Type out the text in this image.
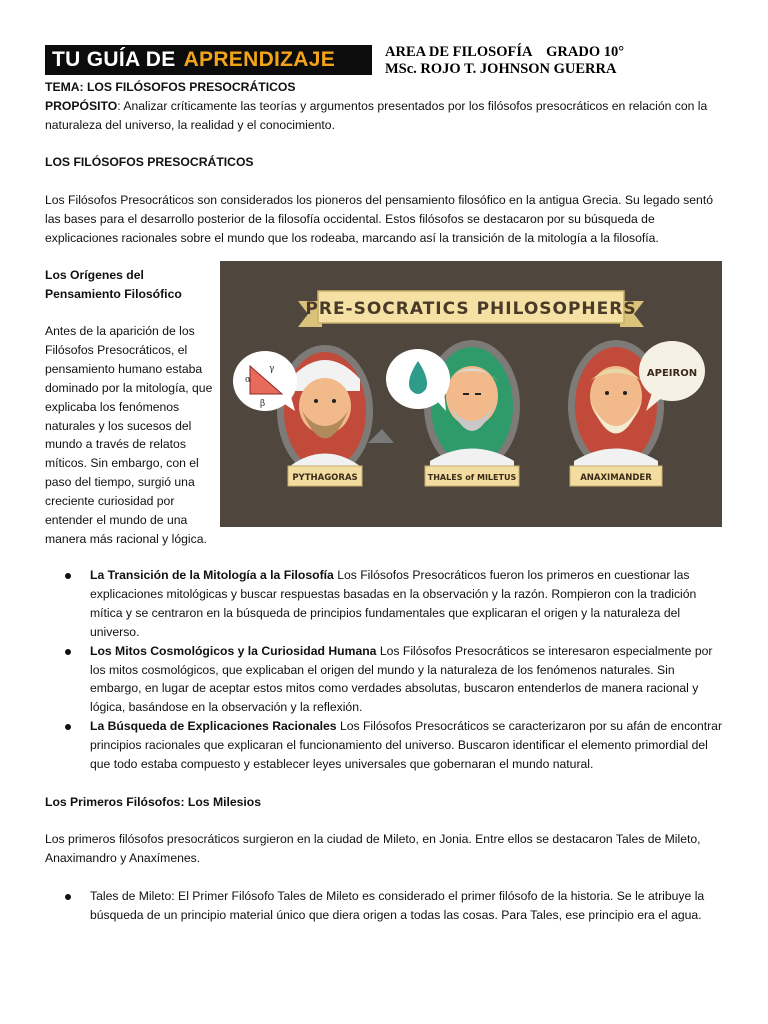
TU GUÍA DE APRENDIZAJE	AREA DE FILOSOFÍA    GRADO 10°
MSc. ROJO T. JOHNSON GUERRA
TEMA: LOS FILÓSOFOS PRESOCRÁTICOS
PROPÓSITO: Analizar críticamente las teorías y argumentos presentados por los filósofos presocráticos en relación con la naturaleza del universo, la realidad y el conocimiento.
LOS FILÓSOFOS PRESOCRÁTICOS
Los Filósofos Presocráticos son considerados los pioneros del pensamiento filosófico en la antigua Grecia. Su legado sentó las bases para el desarrollo posterior de la filosofía occidental. Estos filósofos se destacaron por su búsqueda de explicaciones racionales sobre el mundo que los rodeaba, marcando así la transición de la mitología a la filosofía.
Los Orígenes del Pensamiento Filosófico
Antes de la aparición de los Filósofos Presocráticos, el pensamiento humano estaba dominado por la mitología, que explicaba los fenómenos naturales y los sucesos del mundo a través de relatos míticos. Sin embargo, con el paso del tiempo, surgió una creciente curiosidad por entender el mundo de una manera más racional y lógica.
PRE-SOCRATICS PHILOSOPHERS
PYTHAGORAS
α
γ
β
THALES of MILETUS	ANAXIMANDER
APEIRON
La Transición de la Mitología a la Filosofía Los Filósofos Presocráticos fueron los primeros en cuestionar las explicaciones mitológicas y buscar respuestas basadas en la observación y la razón. Rompieron con la tradición mítica y se centraron en la búsqueda de principios fundamentales que explicaran el origen y la naturaleza del universo.
Los Mitos Cosmológicos y la Curiosidad Humana Los Filósofos Presocráticos se interesaron especialmente por los mitos cosmológicos, que explicaban el origen del mundo y la naturaleza de los fenómenos naturales. Sin embargo, en lugar de aceptar estos mitos como verdades absolutas, buscaron entenderlos de manera racional y lógica, basándose en la observación y la reflexión.
La Búsqueda de Explicaciones Racionales Los Filósofos Presocráticos se caracterizaron por su afán de encontrar principios racionales que explicaran el funcionamiento del universo. Buscaron identificar el elemento primordial del que todo estaba compuesto y establecer leyes universales que gobernaran el mundo natural.
Los Primeros Filósofos: Los Milesios
Los primeros filósofos presocráticos surgieron en la ciudad de Mileto, en Jonia. Entre ellos se destacaron Tales de Mileto, Anaximandro y Anaxímenes.
Tales de Mileto: El Primer Filósofo Tales de Mileto es considerado el primer filósofo de la historia. Se le atribuye la búsqueda de un principio material único que diera origen a todas las cosas. Para Tales, ese principio era el agua.
